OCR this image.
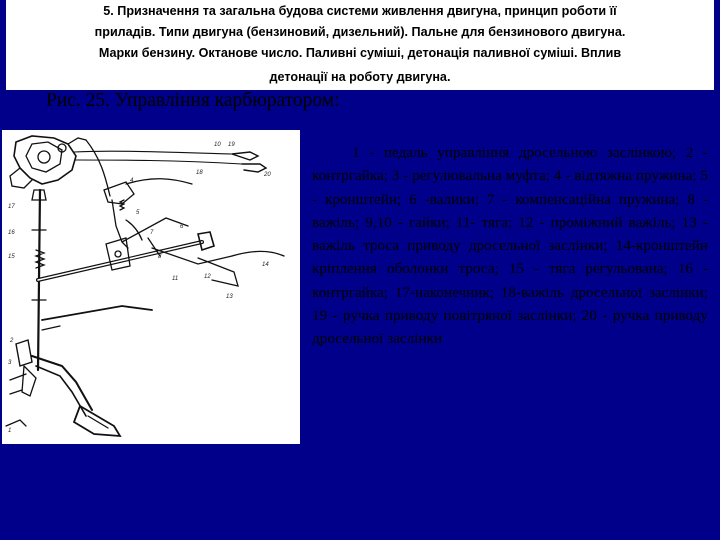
5. Призначення та загальна будова системи живлення двигуна, принцип роботи її
приладів. Типи двигуна (бензиновий, дизельний). Пальне для бензинового двигуна.
Марки бензину. Октанове число. Паливні суміші, детонація паливної суміші. Вплив
детонації на роботу двигуна.
Рис. 25. Управління карбюратором:
10 19
20
18
17
16
15
4
5
6
7
8
11	12
13
14
2
3
1

1 - педаль управління дросельною заслінкою; 2 - контргайка; 3 - регулювальна муфта; 4 - відтяжна пружина; 5 - кронштейн; 6 -валики; 7 - компенсаційна пружина; 8 - важіль; 9,10 - гайки; 11- тяга; 12 - проміжний важіль; 13 - важіль троса приводу дросельної заслінки; 14-кронштейн кріплення оболонки троса; 15 - тяга регульована; 16 - контргайка; 17-наконечник; 18-важіль дросельної заслінки; 19 - ручка приводу повітряної заслінки; 20 - ручка приводу дросельної заслінки
